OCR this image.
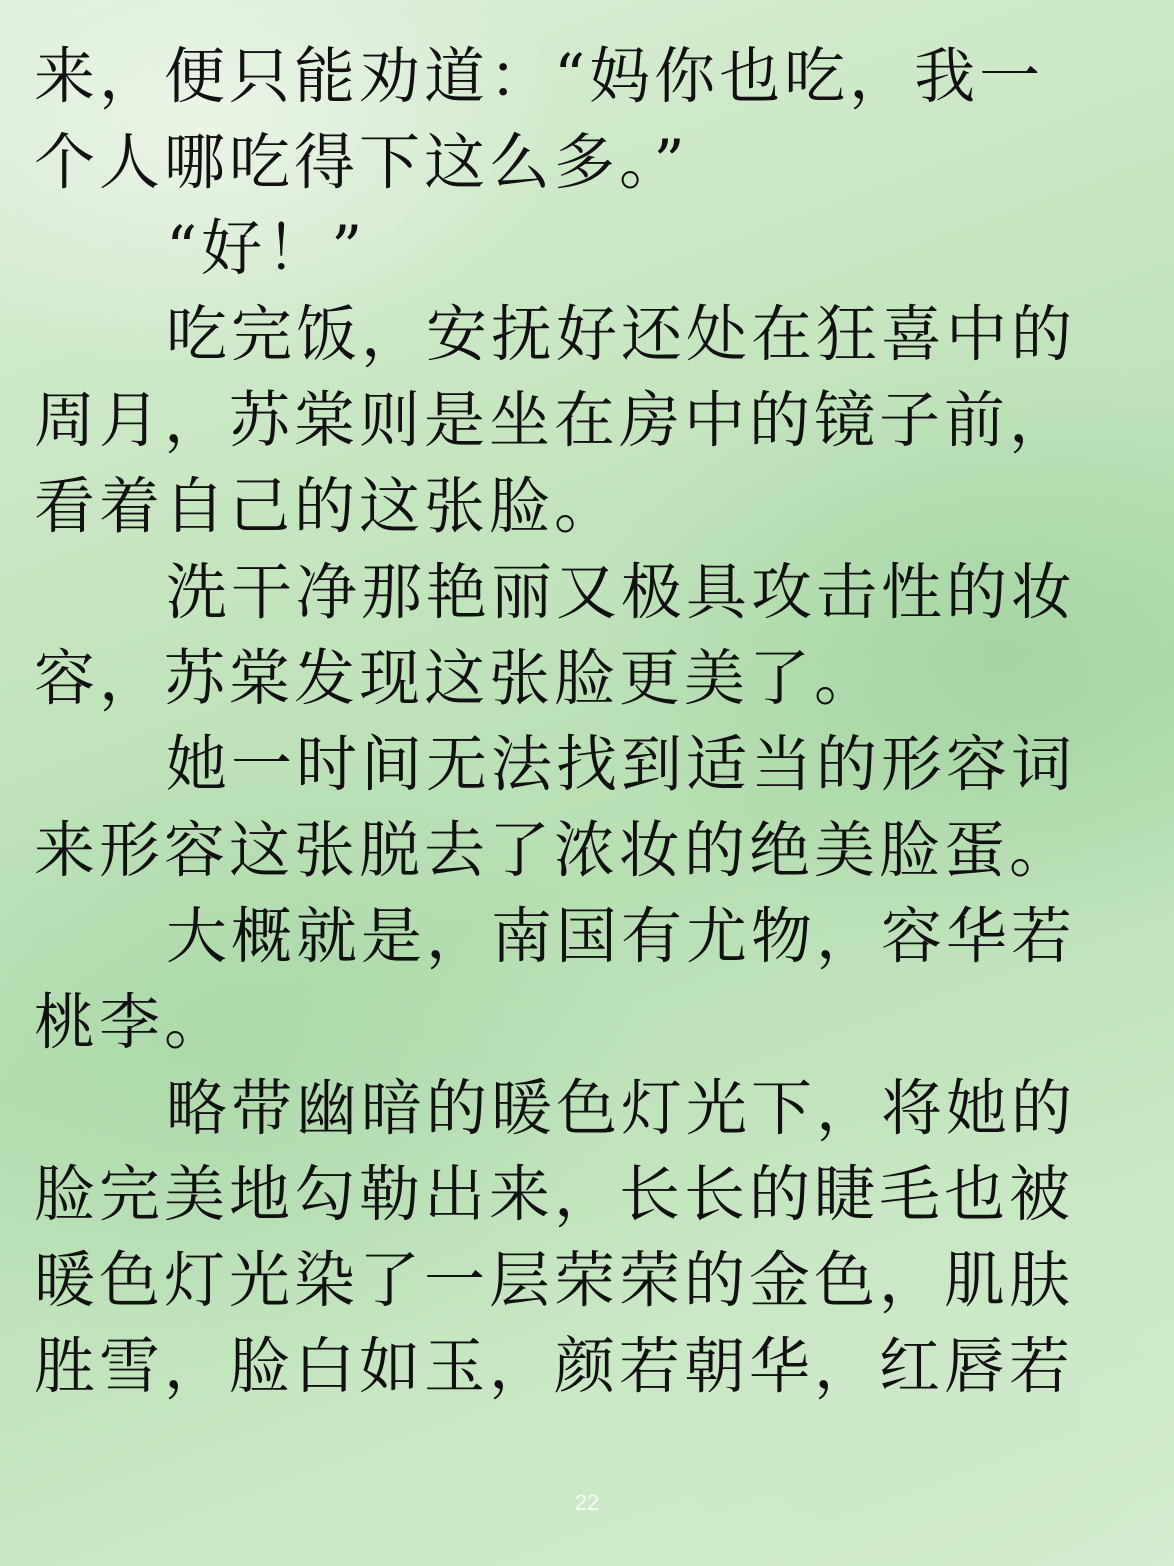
来，便只能劝道：“妈你也吃，我一
个人哪吃得下这么多。”
“好！”
吃完饭，安抚好还处在狂喜中的
周月，苏棠则是坐在房中的镜子前，
看着自己的这张脸。
洗干净那艳丽又极具攻击性的妆
容，苏棠发现这张脸更美了。
她一时间无法找到适当的形容词
来形容这张脱去了浓妆的绝美脸蛋。
大概就是，南国有尤物，容华若
桃李。
略带幽暗的暖色灯光下，将她的
脸完美地勾勒出来，长长的睫毛也被
暖色灯光染了一层荣荣的金色，肌肤
胜雪，脸白如玉，颜若朝华，红唇若
22
